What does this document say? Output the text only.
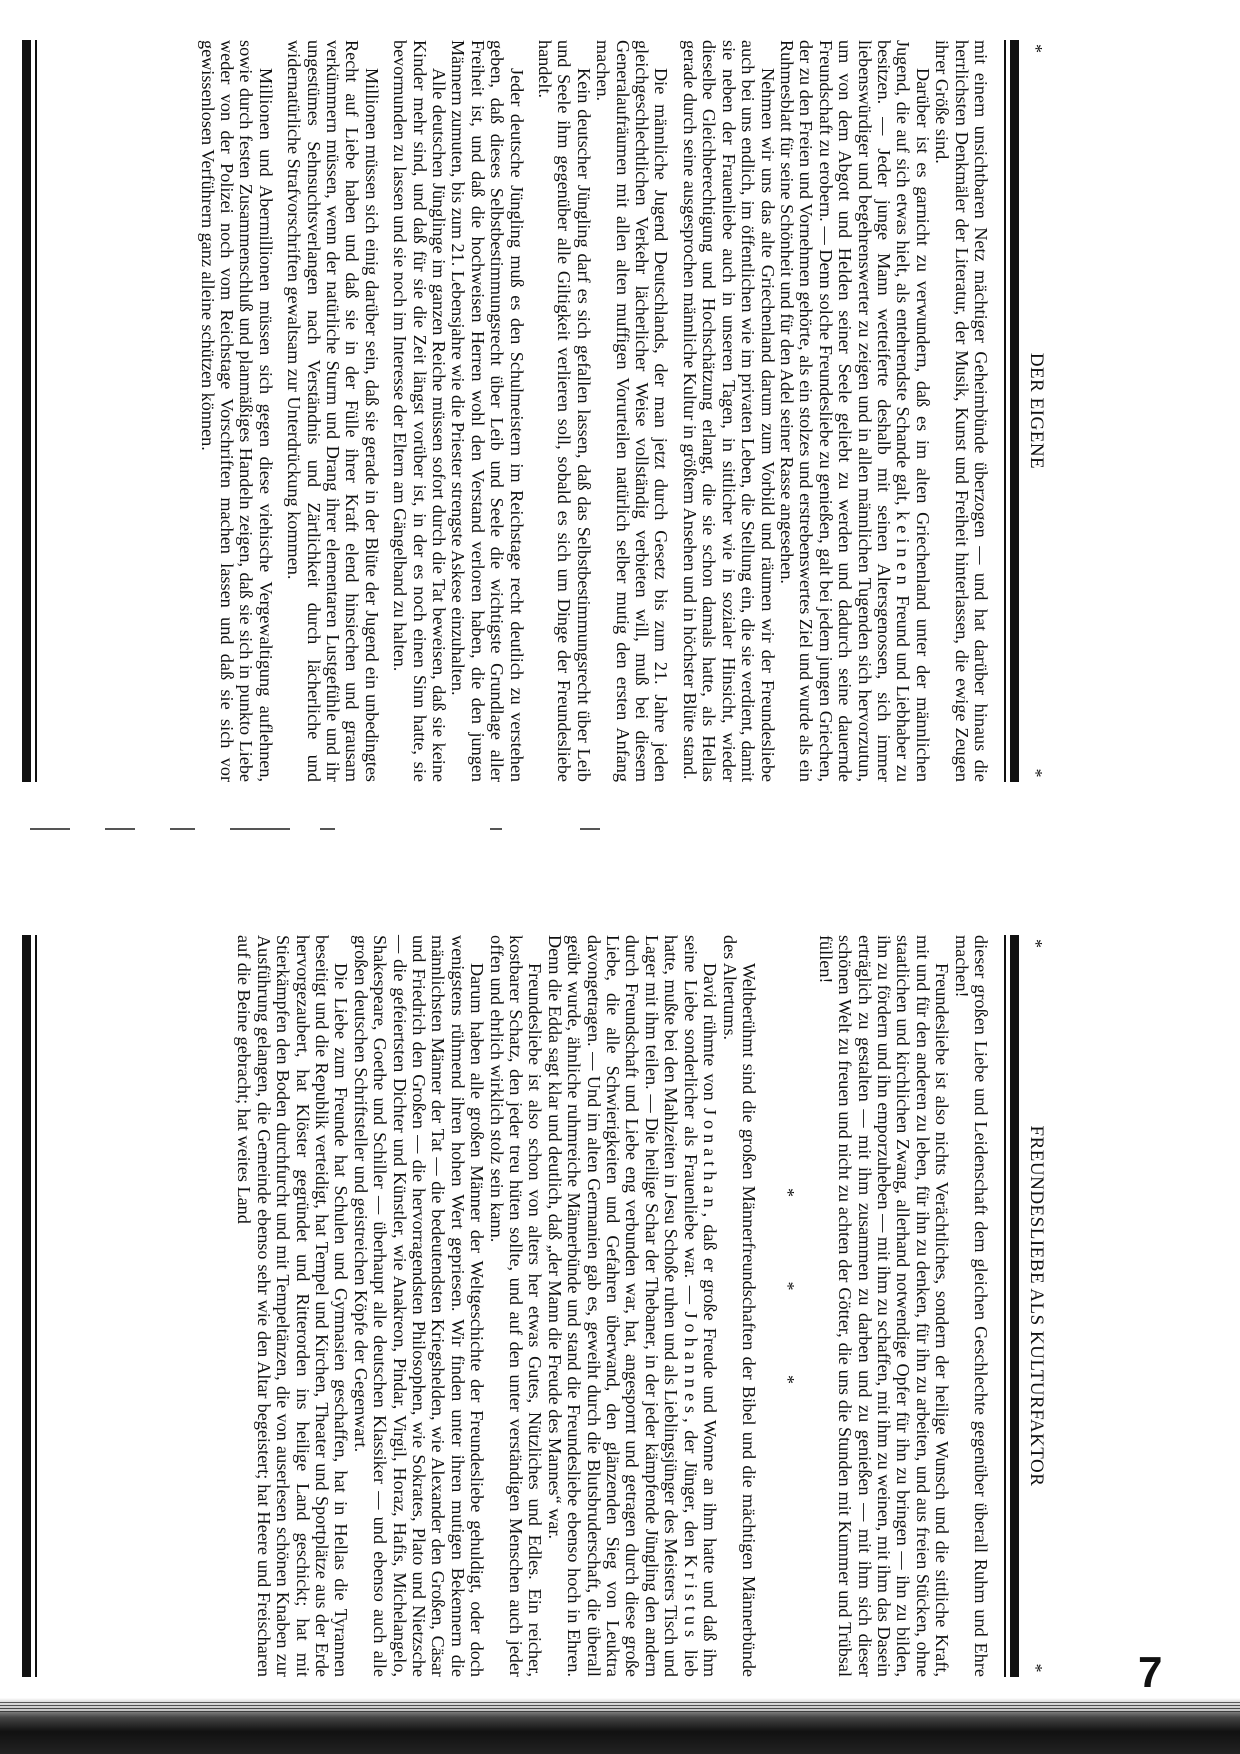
*
DER EIGENE
*

mit einem unsichtbaren Netz mächtiger Geheimbünde überzogen — und hat darüber hinaus die herrlichsten Denkmäler der Literatur, der Musik, Kunst und Freiheit hinterlassen, die ewige Zeugen ihrer Größe sind.

Darüber ist es garnicht zu verwundern, daß es im alten Griechenland unter der männlichen Jugend, die auf sich etwas hielt, als entehrendste Schande galt, keinen Freund und Liebhaber zu besitzen. — Jeder junge Mann wetteiferte deshalb mit seinen Altersgenossen, sich immer liebenswürdiger und begehrenswerter zu zeigen und in allen männlichen Tugenden sich hervorzutun, um von dem Abgott und Helden seiner Seele geliebt zu werden und dadurch seine dauernde Freundschaft zu erobern. — Denn solche Freundesliebe zu genießen, galt bei jedem jungen Griechen, der zu den Freien und Vornehmen gehörte, als ein stolzes und erstrebenswertes Ziel und wurde als ein Ruhmesblatt für seine Schönheit und für den Adel seiner Rasse angesehen.

Nehmen wir uns das alte Griechenland darum zum Vorbild und räumen wir der Freundesliebe auch bei uns endlich, im öffentlichen wie im privaten Leben, die Stellung ein, die sie verdient, damit sie neben der Frauenliebe auch in unseren Tagen, in sittlicher wie in sozialer Hinsicht, wieder dieselbe Gleichberechtigung und Hochschätzung erlangt, die sie schon damals hatte, als Hellas gerade durch seine ausgesprochen männliche Kultur in größtem Ansehen und in höchster Blüte stand.

Die männliche Jugend Deutschlands, der man jetzt durch Gesetz bis zum 21. Jahre jeden gleichgeschlechtlichen Verkehr lächerlicher Weise vollständig verbieten will, muß bei diesem Generalaufräumen mit allen alten muffigen Vorurteilen natürlich selber mutig den ersten Anfang machen.

Kein deutscher Jüngling darf es sich gefallen lassen, daß das Selbstbestimmungsrecht über Leib und Seele ihm gegenüber alle Giltigkeit verlieren soll, sobald es sich um Dinge der Freundesliebe handelt.

Jeder deutsche Jüngling muß es den Schulmeistern im Reichstage recht deutlich zu verstehen geben, daß dieses Selbstbestimmungsrecht über Leib und Seele die wichtigste Grundlage aller Freiheit ist, und daß die hochweisen Herren wohl den Verstand verloren haben, die den jungen Männern zumuten, bis zum 21. Lebensjahre wie die Priester strengste Askese einzuhalten.

Alle deutschen Jünglinge im ganzen Reiche müssen sofort durch die Tat beweisen, daß sie keine Kinder mehr sind, und daß für sie die Zeit längst vorüber ist, in der es noch einen Sinn hatte, sie bevormunden zu lassen und sie noch im Interesse der Eltern am Gängelband zu halten.

Millionen müssen sich einig darüber sein, daß sie gerade in der Blüte der Jugend ein unbedingtes Recht auf Liebe haben und daß sie in der Fülle ihrer Kraft elend hinsiechen und grausam verkümmern müssen, wenn der natürliche Sturm und Drang ihrer elementaren Lustgefühle und ihr ungestümes Sehnsuchtsverlangen nach Verständnis und Zärtlichkeit durch lächerliche und widernatürliche Strafvorschriften gewaltsam zur Unterdrückung kommen.

Millionen und Abermillionen müssen sich gegen diese viehische Vergewaltigung auflehnen, sowie durch festen Zusammenschluß und planmäßiges Handeln zeigen, daß sie sich in punkto Liebe weder von der Polizei noch vom Reichstage Vorschriften machen lassen und daß sie sich vor gewissenlosen Verführern ganz alleine schützen können.

*
FREUNDESLIEBE ALS KULTURFAKTOR
*

dieser großen Liebe und Leidenschaft dem gleichen Geschlechte gegenüber überall Ruhm und Ehre machen!

Freundesliebe ist also nichts Verächtliches, sondern der heilige Wunsch und die sittliche Kraft, mit und für den anderen zu leben, für ihn zu denken, für ihn zu arbeiten, und aus freien Stücken, ohne staatlichen und kirchlichen Zwang, allerhand notwendige Opfer für ihn zu bringen — ihn zu bilden, ihn zu fördern und ihn emporzuheben — mit ihm zu schaffen, mit ihm zu weinen, mit ihm das Dasein erträglich zu gestalten — mit ihm zusammen zu darben und zu genießen — mit ihm sich dieser schönen Welt zu freuen und nicht zu achten der Götter, die uns die Stunden mit Kummer und Trübsal füllen!

* * *

Weltberühmt sind die großen Männerfreundschaften der Bibel und die mächtigen Männerbünde des Altertums.

David rühmte von Jonathan, daß er große Freude und Wonne an ihm hatte und daß ihm seine Liebe sonderlicher als Frauenliebe war. — Johannes, der Jünger, den Kristus lieb hatte, mußte bei den Mahlzeiten in Jesu Schoße ruhen und als Lieblingsjünger des Meisters Tisch und Lager mit ihm teilen. — Die heilige Schar der Thebaner, in der jeder kämpfende Jüngling den andern durch Freundschaft und Liebe eng verbunden war, hat, angespornt und getragen durch diese große Liebe, die alle Schwierigkeiten und Gefahren überwand, den glänzenden Sieg von Leuktra davongetragen. — Und im alten Germanien gab es, geweiht durch die Blutsbruderschaft, die überall geübt wurde, ähnliche ruhmreiche Männerbünde und stand die Freundesliebe ebenso hoch in Ehren. Denn die Edda sagt klar und deutlich, daß „der Mann die Freude des Mannes“ war.

Freundesliebe ist also schon von alters her etwas Gutes, Nützliches und Edles. Ein reicher, kostbarer Schatz, den jeder treu hüten sollte, und auf den unter verständigen Menschen auch jeder offen und ehrlich wirklich stolz sein kann.

Darum haben alle großen Männer der Weltgeschichte der Freundesliebe gehuldigt, oder doch wenigstens rühmend ihren hohen Wert gepriesen. Wir finden unter ihren mutigen Bekennern die männlichsten Männer der Tat — die bedeutendsten Kriegshelden, wie Alexander den Großen, Cäsar und Friedrich den Großen — die hervorragendsten Philosophen, wie Sokrates, Plato und Nietzsche — die gefeiertsten Dichter und Künstler, wie Anakreon, Pindar, Virgil, Horaz, Hafis, Michelangelo, Shakespeare, Goethe und Schiller — überhaupt alle deutschen Klassiker — und ebenso auch alle großen deutschen Schriftsteller und geistreichen Köpfe der Gegenwart.

Die Liebe zum Freunde hat Schulen und Gymnasien geschaffen, hat in Hellas die Tyrannen beseitigt und die Republik verteidigt, hat Tempel und Kirchen, Theater und Sportplätze aus der Erde hervorgezaubert, hat Klöster gegründet und Ritterorden ins heilige Land geschickt; hat mit Stierkämpfen den Boden durchfurcht und mit Tempeltänzen, die von auserlesen schönen Knaben zur Ausführung gelangen, die Gemeinde ebenso sehr wie den Altar begeistert; hat Heere und Freischaren auf die Beine gebracht; hat weites Land

7
